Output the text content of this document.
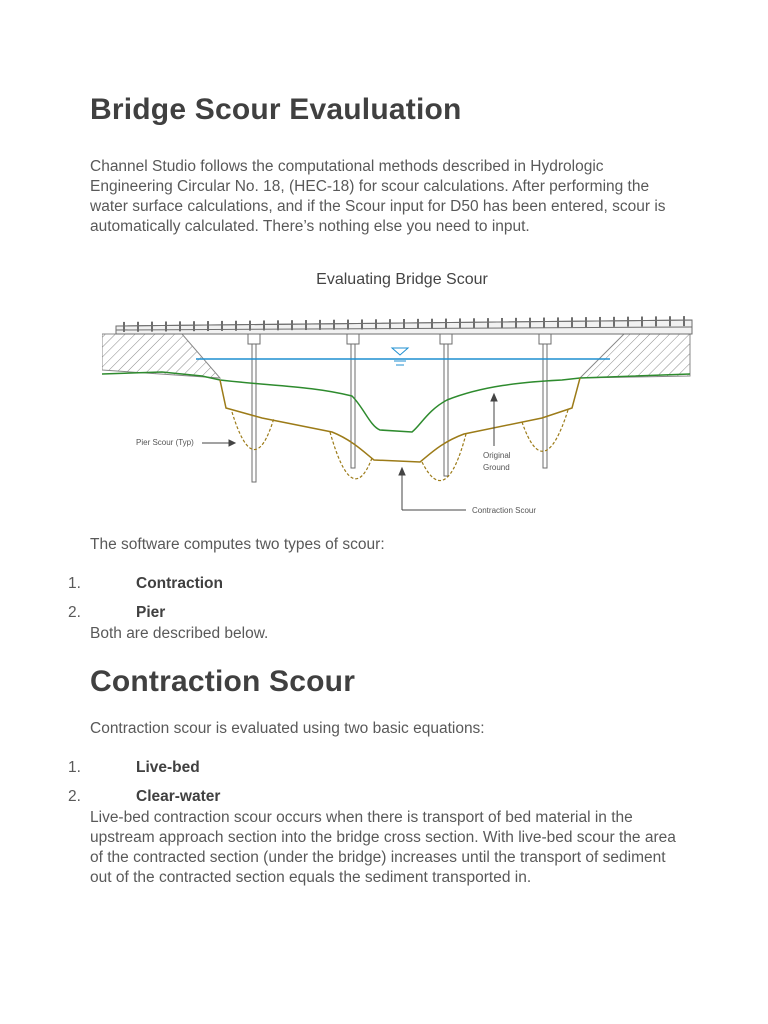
Bridge Scour Evauluation

Channel Studio follows the computational methods described in Hydrologic Engineering Circular No. 18, (HEC-18) for scour calculations. After performing the water surface calculations, and if the Scour input for D50 has been entered, scour is automatically calculated. There’s nothing else you need to input.

Evaluating Bridge Scour
Pier Scour (Typ)
Original
Ground
Contraction Scour

The software computes two types of scour:

1.	Contraction
2.	Pier

Both are described below.

Contraction Scour

Contraction scour is evaluated using two basic equations:

1.	Live-bed
2.	Clear-water

Live-bed contraction scour occurs when there is transport of bed material in the upstream approach section into the bridge cross section. With live-bed scour the area of the contracted section (under the bridge) increases until the transport of sediment out of the contracted section equals the sediment transported in.
